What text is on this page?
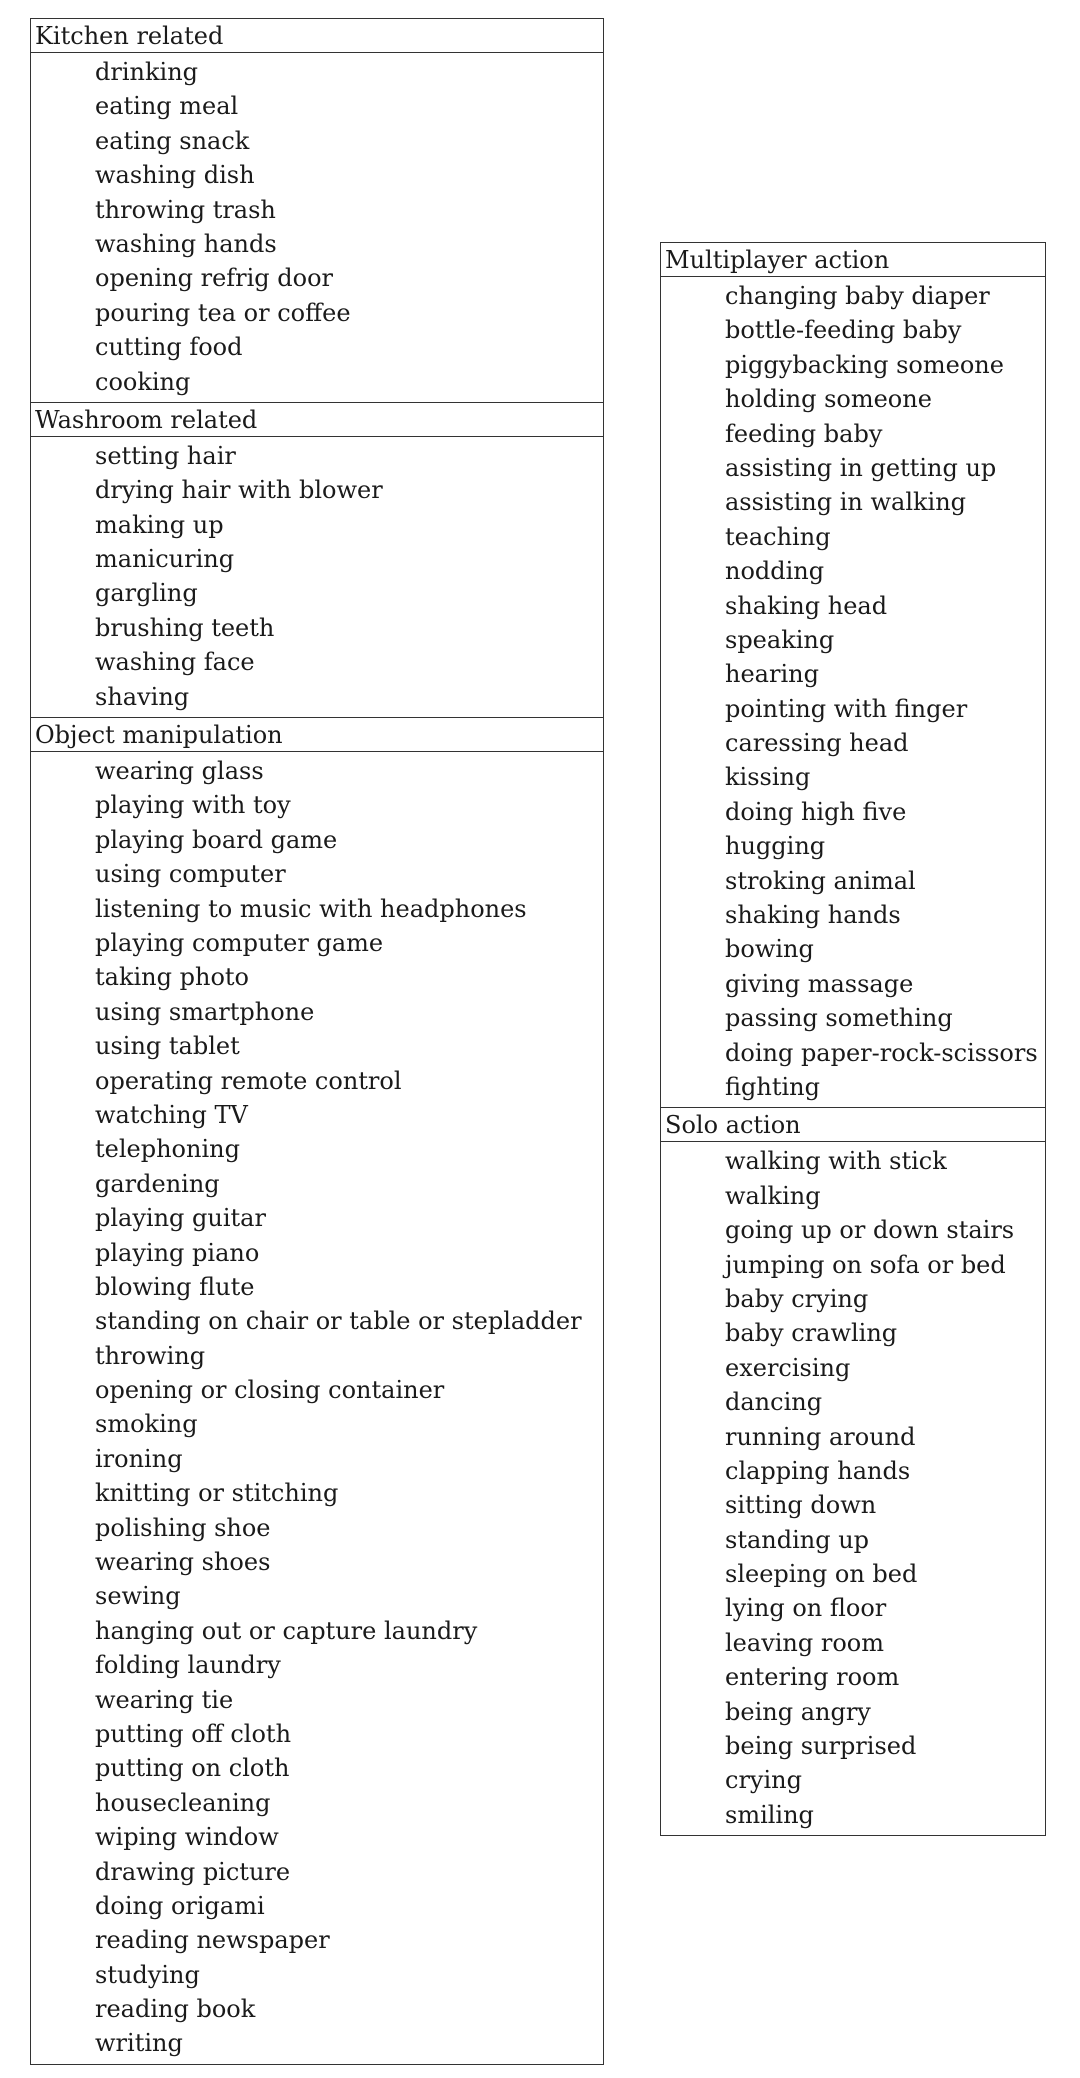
Kitchen related
drinking
eating meal
eating snack
washing dish
throwing trash
washing hands
opening refrig door
pouring tea or coffee
cutting food
cooking
Washroom related
setting hair
drying hair with blower
making up
manicuring
gargling
brushing teeth
washing face
shaving
Object manipulation
wearing glass
playing with toy
playing board game
using computer
listening to music with headphones
playing computer game
taking photo
using smartphone
using tablet
operating remote control
watching TV
telephoning
gardening
playing guitar
playing piano
blowing flute
standing on chair or table or stepladder
throwing
opening or closing container
smoking
ironing
knitting or stitching
polishing shoe
wearing shoes
sewing
hanging out or capture laundry
folding laundry
wearing tie
putting off cloth
putting on cloth
housecleaning
wiping window
drawing picture
doing origami
reading newspaper
studying
reading book
writing
Multiplayer action
changing baby diaper
bottle-feeding baby
piggybacking someone
holding someone
feeding baby
assisting in getting up
assisting in walking
teaching
nodding
shaking head
speaking
hearing
pointing with finger
caressing head
kissing
doing high five
hugging
stroking animal
shaking hands
bowing
giving massage
passing something
doing paper-rock-scissors
fighting
Solo action
walking with stick
walking
going up or down stairs
jumping on sofa or bed
baby crying
baby crawling
exercising
dancing
running around
clapping hands
sitting down
standing up
sleeping on bed
lying on floor
leaving room
entering room
being angry
being surprised
crying
smiling
